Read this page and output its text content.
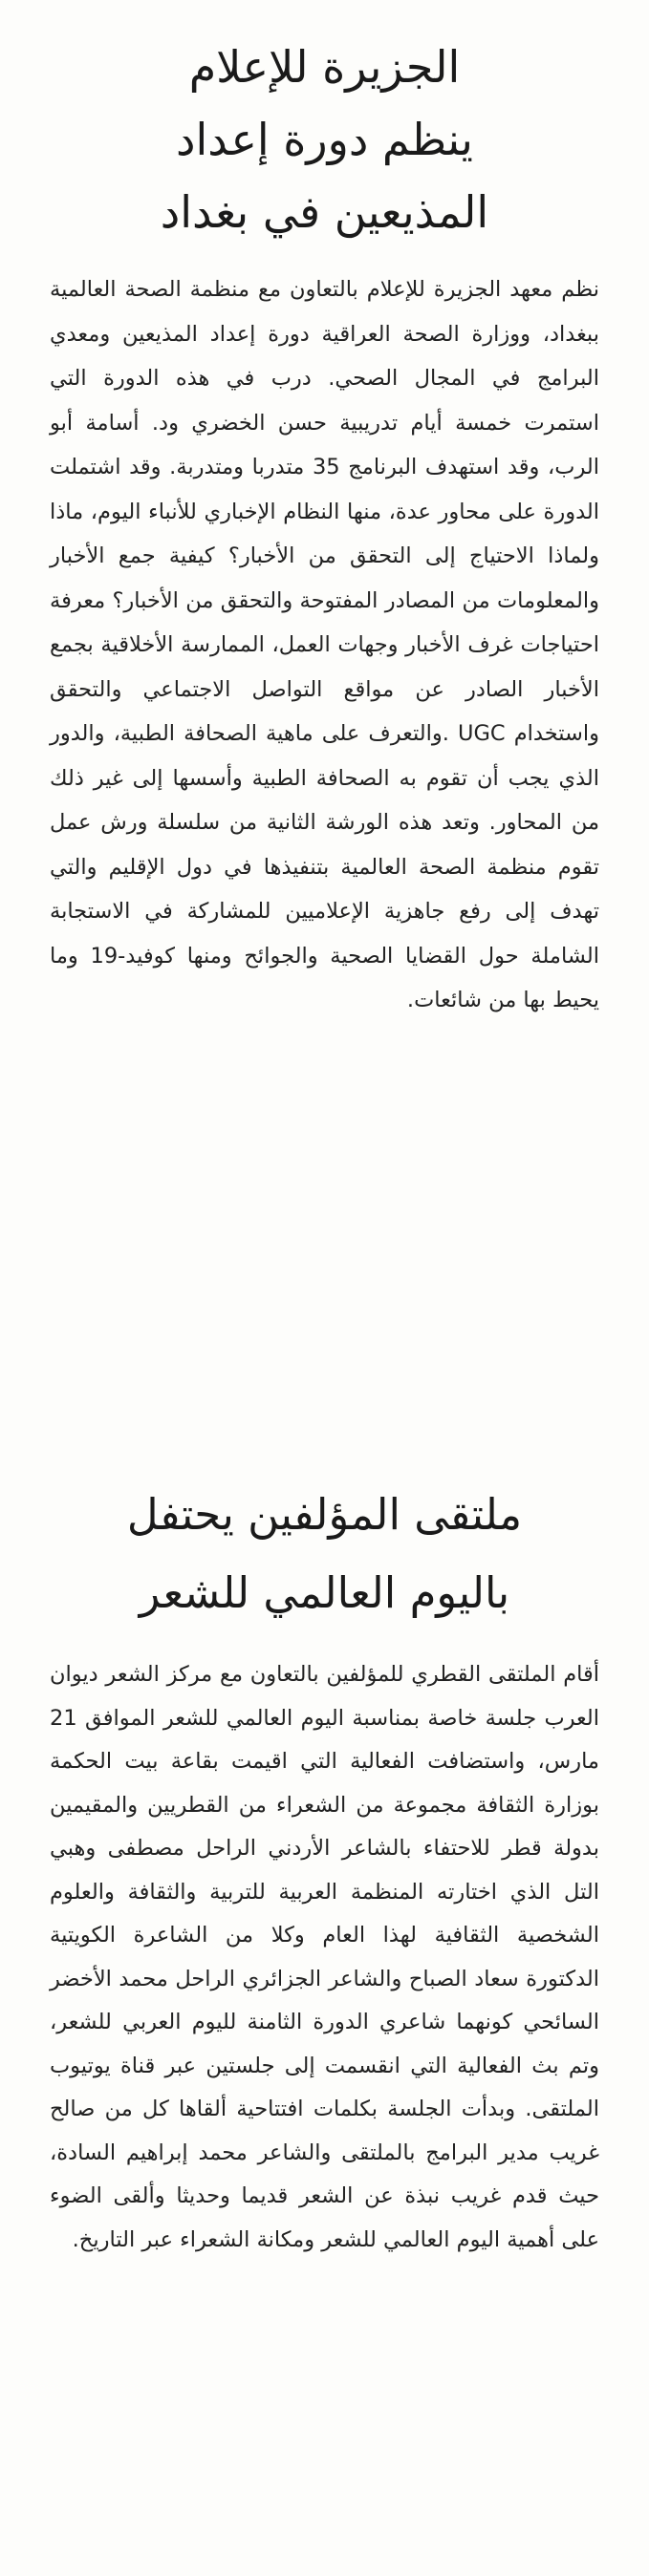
الجزيرة للإعلام
ينظم دورة إعداد
المذيعين في بغداد

نظم معهد الجزيرة للإعلام بالتعاون مع منظمة الصحة العالمية ببغداد، ووزارة الصحة العراقية دورة إعداد المذيعين ومعدي البرامج في المجال الصحي. درب في هذه الدورة التي استمرت خمسة أيام تدريبية حسن الخضري ود. أسامة أبو الرب، وقد استهدف البرنامج 35 متدربا ومتدربة. وقد اشتملت الدورة على محاور عدة، منها النظام الإخباري للأنباء اليوم، ماذا ولماذا الاحتياج إلى التحقق من الأخبار؟ كيفية جمع الأخبار والمعلومات من المصادر المفتوحة والتحقق من الأخبار؟ معرفة احتياجات غرف الأخبار وجهات العمل، الممارسة الأخلاقية بجمع الأخبار الصادر عن مواقع التواصل الاجتماعي والتحقق واستخدام UGC .والتعرف على ماهية الصحافة الطبية، والدور الذي يجب أن تقوم به الصحافة الطبية وأسسها إلى غير ذلك من المحاور. وتعد هذه الورشة الثانية من سلسلة ورش عمل تقوم منظمة الصحة العالمية بتنفيذها في دول الإقليم والتي تهدف إلى رفع جاهزية الإعلاميين للمشاركة في الاستجابة الشاملة حول القضايا الصحية والجوائح ومنها كوفيد-19 وما يحيط بها من شائعات.

ملتقى المؤلفين يحتفل
باليوم العالمي للشعر

أقام الملتقى القطري للمؤلفين بالتعاون مع مركز الشعر ديوان العرب جلسة خاصة بمناسبة اليوم العالمي للشعر الموافق 21 مارس، واستضافت الفعالية التي اقيمت بقاعة بيت الحكمة بوزارة الثقافة مجموعة من الشعراء من القطريين والمقيمين بدولة قطر للاحتفاء بالشاعر الأردني الراحل مصطفى وهبي التل الذي اختارته المنظمة العربية للتربية والثقافة والعلوم الشخصية الثقافية لهذا العام وكلا من الشاعرة الكويتية الدكتورة سعاد الصباح والشاعر الجزائري الراحل محمد الأخضر السائحي كونهما شاعري الدورة الثامنة لليوم العربي للشعر، وتم بث الفعالية التي انقسمت إلى جلستين عبر قناة يوتيوب الملتقى. وبدأت الجلسة بكلمات افتتاحية ألقاها كل من صالح غريب مدير البرامج بالملتقى والشاعر محمد إبراهيم السادة، حيث قدم غريب نبذة عن الشعر قديما وحديثا وألقى الضوء على أهمية اليوم العالمي للشعر ومكانة الشعراء عبر التاريخ.
